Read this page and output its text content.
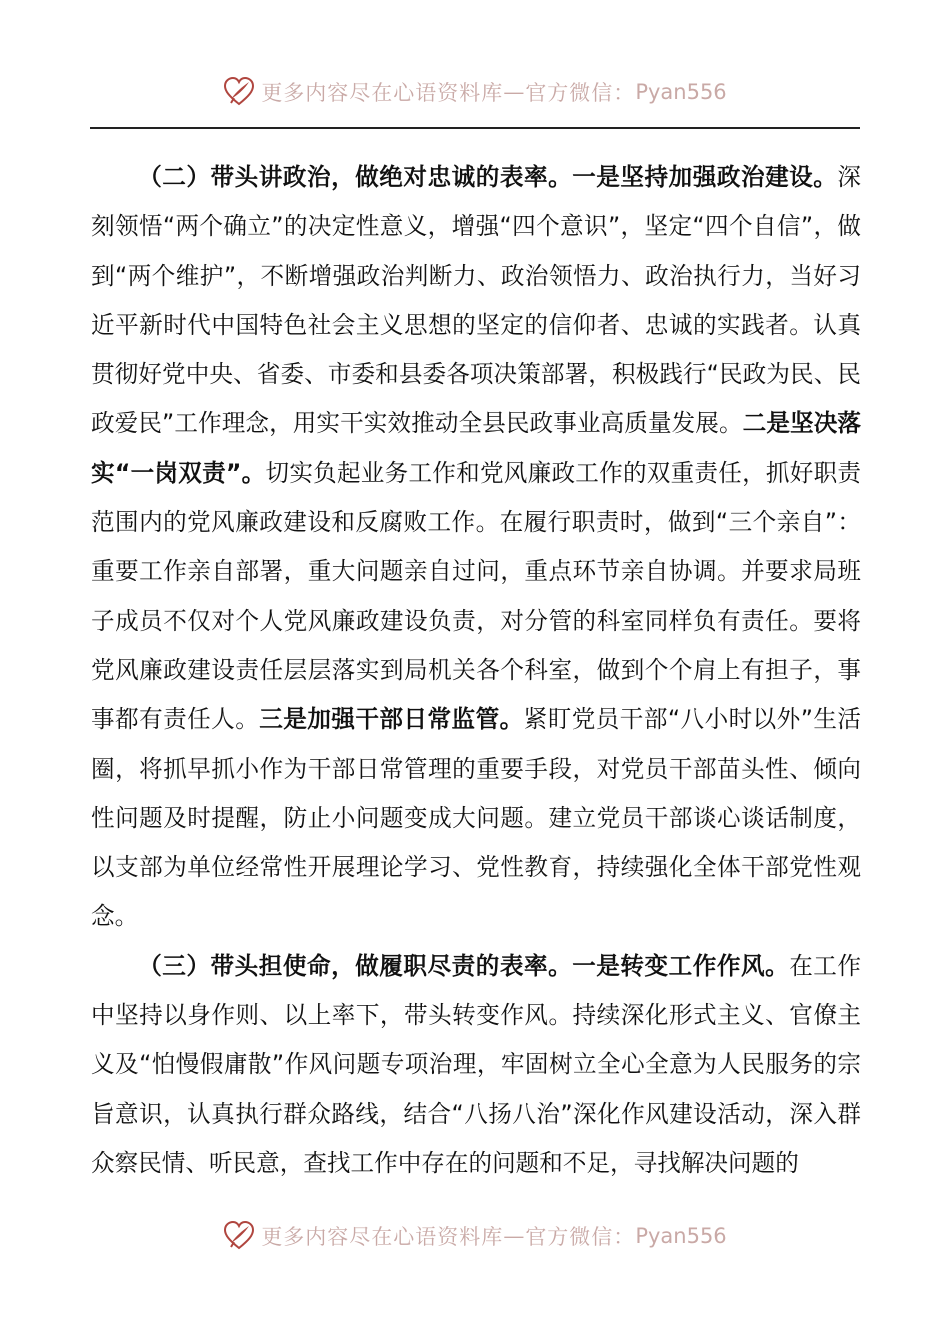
更多内容尽在心语资料库 — 官方微信： Pyan556

（二）带头讲政治，做绝对忠诚的表率。一是坚持加强政治建设。深刻领悟“两个确立”的决定性意义，增强“四个意识”，坚定“四个自信”，做到“两个维护”，不断增强政治判断力、政治领悟力、政治执行力，当好习近平新时代中国特色社会主义思想的坚定的信仰者、忠诚的实践者。认真贯彻好党中央、省委、市委和县委各项决策部署，积极践行“民政为民、民政爱民”工作理念，用实干实效推动全县民政事业高质量发展。二是坚决落实“一岗双责”。切实负起业务工作和党风廉政工作的双重责任，抓好职责范围内的党风廉政建设和反腐败工作。在履行职责时，做到“三个亲自”：重要工作亲自部署，重大问题亲自过问，重点环节亲自协调。并要求局班子成员不仅对个人党风廉政建设负责，对分管的科室同样负有责任。要将党风廉政建设责任层层落实到局机关各个科室，做到个个肩上有担子，事事都有责任人。三是加强干部日常监管。紧盯党员干部“八小时以外”生活圈，将抓早抓小作为干部日常管理的重要手段，对党员干部苗头性、倾向性问题及时提醒，防止小问题变成大问题。建立党员干部谈心谈话制度，以支部为单位经常性开展理论学习、党性教育，持续强化全体干部党性观念。

（三）带头担使命，做履职尽责的表率。一是转变工作作风。在工作中坚持以身作则、以上率下，带头转变作风。持续深化形式主义、官僚主义及“怕慢假庸散”作风问题专项治理，牢固树立全心全意为人民服务的宗旨意识，认真执行群众路线，结合“八扬八治”深化作风建设活动，深入群众察民情、听民意，查找工作中存在的问题和不足，寻找解决问题的

更多内容尽在心语资料库 — 官方微信： Pyan556
